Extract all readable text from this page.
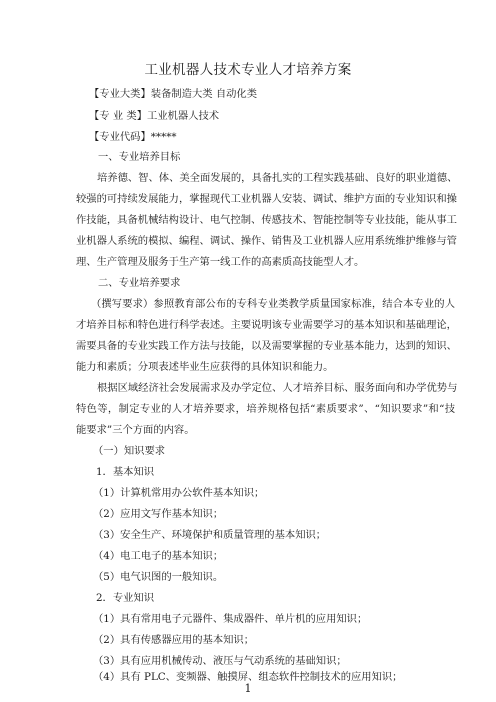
工业机器人技术专业人才培养方案
【专业大类】装备制造大类 自动化类
【专 业 类】工业机器人技术
【专业代码】*****
一、专业培养目标
培养德、智、体、美全面发展的，具备扎实的工程实践基础、良好的职业道德、
较强的可持续发展能力，掌握现代工业机器人安装、调试、维护方面的专业知识和操
作技能，具备机械结构设计、电气控制、传感技术、智能控制等专业技能，能从事工
业机器人系统的模拟、编程、调试、操作、销售及工业机器人应用系统维护维修与管
理、生产管理及服务于生产第一线工作的高素质高技能型人才。
二、专业培养要求
（撰写要求）参照教育部公布的专科专业类教学质量国家标准，结合本专业的人
才培养目标和特色进行科学表述。主要说明该专业需要学习的基本知识和基础理论，
需要具备的专业实践工作方法与技能，以及需要掌握的专业基本能力，达到的知识、
能力和素质；分项表述毕业生应获得的具体知识和能力。
根据区域经济社会发展需求及办学定位、人才培养目标、服务面向和办学优势与
特色等，制定专业的人才培养要求，培养规格包括“素质要求”、“知识要求”和“技
能要求”三个方面的内容。
（一）知识要求
1．基本知识
（1）计算机常用办公软件基本知识；
（2）应用文写作基本知识；
（3）安全生产、环境保护和质量管理的基本知识；
（4）电工电子的基本知识；
（5）电气识图的一般知识。
2．专业知识
（1）具有常用电子元器件、集成器件、单片机的应用知识；
（2）具有传感器应用的基本知识；
（3）具有应用机械传动、液压与气动系统的基础知识；
（4）具有 PLC、变频器、触摸屏、组态软件控制技术的应用知识；
1
